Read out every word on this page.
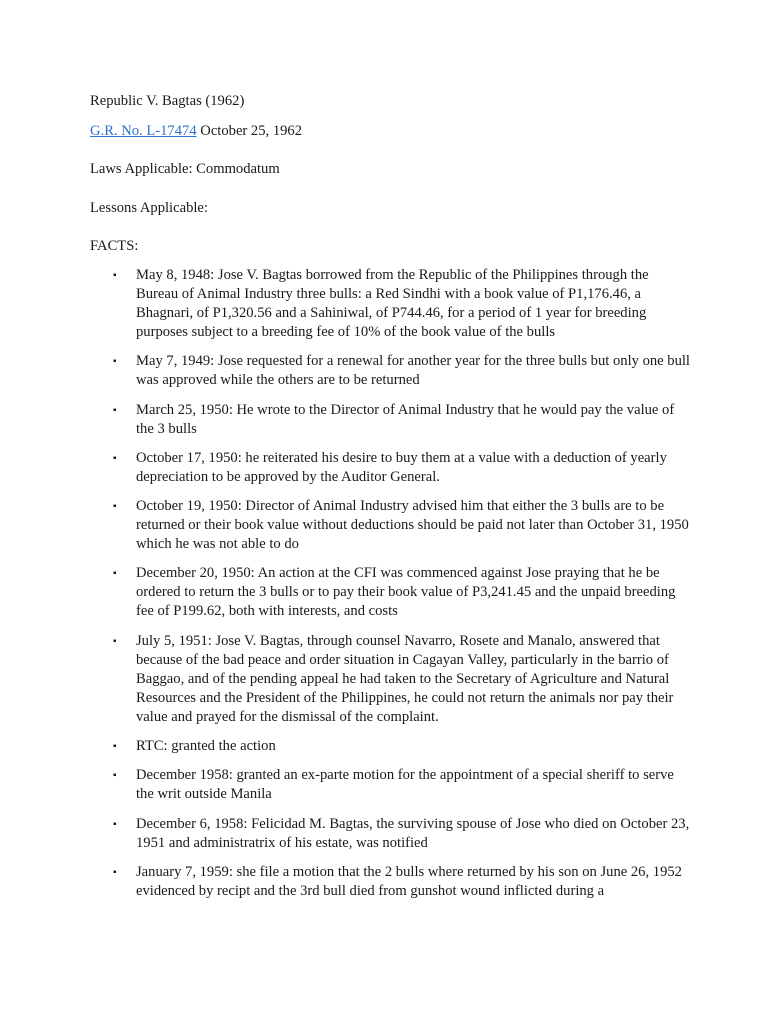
Republic V. Bagtas (1962)
G.R. No. L-17474 October 25, 1962
Laws Applicable: Commodatum
Lessons Applicable:
FACTS:
▪ May 8, 1948: Jose V. Bagtas borrowed from the Republic of the Philippines through the Bureau of Animal Industry three bulls: a Red Sindhi with a book value of P1,176.46, a Bhagnari, of P1,320.56 and a Sahiniwal, of P744.46, for a period of 1 year for breeding purposes subject to a breeding fee of 10% of the book value of the bulls
▪ May 7, 1949: Jose requested for a renewal for another year for the three bulls but only one bull was approved while the others are to be returned
▪ March 25, 1950: He wrote to the Director of Animal Industry that he would pay the value of the 3 bulls
▪ October 17, 1950: he reiterated his desire to buy them at a value with a deduction of yearly depreciation to be approved by the Auditor General.
▪ October 19, 1950: Director of Animal Industry advised him that either the 3 bulls are to be returned or their book value without deductions should be paid not later than October 31, 1950 which he was not able to do
▪ December 20, 1950: An action at the CFI was commenced against Jose praying that he be ordered to return the 3 bulls or to pay their book value of P3,241.45 and the unpaid breeding fee of P199.62, both with interests, and costs
▪ July 5, 1951: Jose V. Bagtas, through counsel Navarro, Rosete and Manalo, answered that because of the bad peace and order situation in Cagayan Valley, particularly in the barrio of Baggao, and of the pending appeal he had taken to the Secretary of Agriculture and Natural Resources and the President of the Philippines, he could not return the animals nor pay their value and prayed for the dismissal of the complaint.
▪ RTC: granted the action
▪ December 1958: granted an ex-parte motion for the appointment of a special sheriff to serve the writ outside Manila
▪ December 6, 1958: Felicidad M. Bagtas, the surviving spouse of Jose who died on October 23, 1951 and administratrix of his estate, was notified
▪ January 7, 1959: she file a motion that the 2 bulls where returned by his son on June 26, 1952 evidenced by recipt and the 3rd bull died from gunshot wound inflicted during a
